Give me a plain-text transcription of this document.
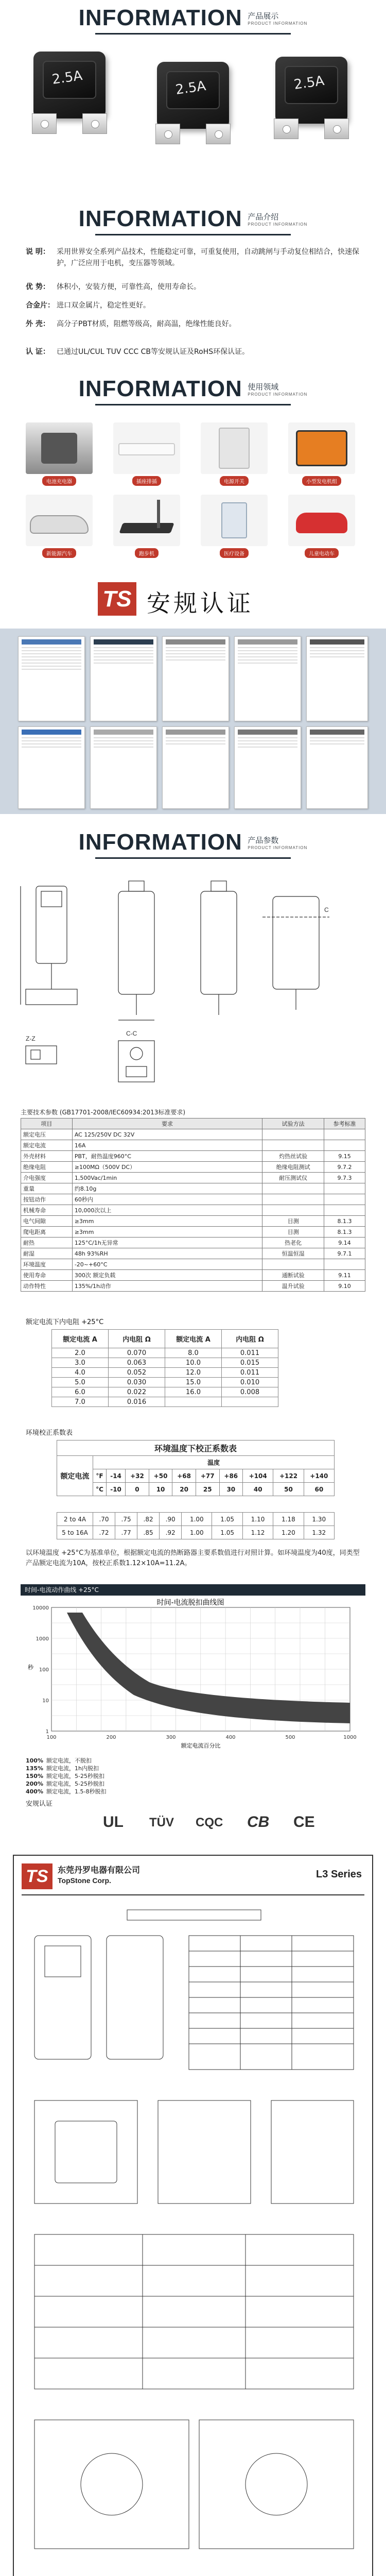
INFORMATION 产品展示
PRODUCT INFORMATION
2.5A
2.5A	2.5A
INFORMATION 产品介绍
PRODUCT INFORMATION
说 明： 采用世界安全系列产品技术，性能稳定可靠，可重复使用，自动跳闸与手动复位相结合，快速保护，广泛应用于电机，变压器等领域。
优 势： 体积小，安装方便，可靠性高，使用寿命长。
合金片： 进口双金属片，稳定性更好。
外 壳： 高分子PBT材质，阻燃等级高，耐高温，绝缘性能良好。
认 证： 已通过UL/CUL TUV CCC CB等安规认证及RoHS环保认证。
INFORMATION 使用领域
PRODUCT INFORMATION
电池充电器	插座排插	电源开关	小型发电机组
新能源汽车	跑步机	医疗设备	儿童电动车
TS 安规认证
INFORMATION 产品参数
PRODUCT INFORMATION
Z-Z
C-C
C
主要技术参数 (GB17701-2008/IEC60934:2013标准要求)
项目	要求	试验方法	参考标准
额定电压	AC 125/250V DC 32V		
额定电流	16A		
外壳材料	PBT，耐热温度960°C	灼热丝试验	9.15
绝缘电阻	≥100MΩ（500V DC）	绝缘电阻测试	9.7.2
介电强度	1,500Vac/1min	耐压测试仪	9.7.3
重量	约8.10g		
按钮动作	60秒内		
机械寿命	10,000次以上		
电气间隙	≥3mm	目测	8.1.3
爬电距离	≥3mm	目测	8.1.3
耐热	125°C/1h无异常	热老化	9.14
耐湿	48h 93%RH	恒温恒湿	9.7.1
环境温度	-20~+60°C		
使用寿命	300次 额定负载	通断试验	9.11
动作特性	135%/1h动作	温升试验	9.10
额定电流下内电阻 +25°C
额定电流 A	内电阻 Ω	额定电流 A	内电阻 Ω
2.0	0.070	8.0	0.011
3.0	0.063	10.0	0.015
4.0	0.052	12.0	0.011
5.0	0.030	15.0	0.010
6.0	0.022	16.0	0.008
7.0	0.016		
环境校正系数表
环境温度下校正系数表										
额定电流	温度									
	°F	-14	+32	+50	+68	+77	+86	+104	+122	+140
	°C	-10	0	10	20	25	30	40	50	60
2 to 4A	.70	.75	.82	.90	1.00	1.05	1.10	1.18	1.30
5 to 16A	.72	.77	.85	.92	1.00	1.05	1.12	1.20	1.32
以环境温度 +25°C为基准单位，根据额定电流的热断路器主要系数值进行对照计算。如环境温度为40度，同类型产品额定电流为10A，按校正系数1.12×10A=11.2A。
时间-电流动作曲线 +25°C
时间-电流脱扣曲线图
额定电流百分比
秒
100	200	300	400	500	1000
10000
1000
100
10
1
100% 额定电流，不脱扣
135% 额定电流，1h内脱扣
150% 额定电流，5-25秒脱扣
200% 额定电流，5-25秒脱扣
400% 额定电流，1.5-8秒脱扣
安规认证
UL TÜV CQC CB CE
TS	东莞丹罗电器有限公司
TopStone Corp.
L3 Series
